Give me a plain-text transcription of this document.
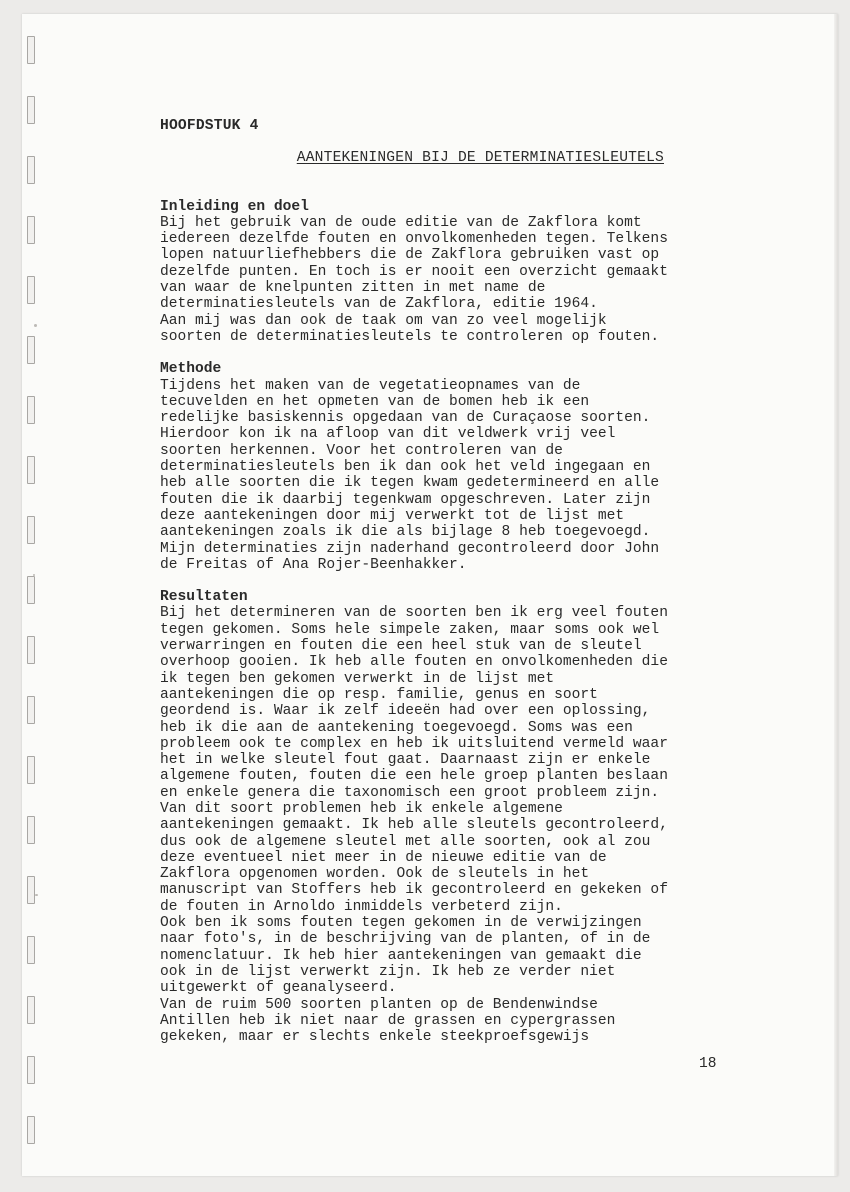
HOOFDSTUK 4

AANTEKENINGEN BIJ DE DETERMINATIESLEUTELS

Inleiding en doel

Bij het gebruik van de oude editie van de Zakflora komt

iedereen dezelfde fouten en onvolkomenheden tegen. Telkens

lopen natuurliefhebbers die de Zakflora gebruiken vast op

dezelfde punten. En toch is er nooit een overzicht gemaakt

van waar de knelpunten zitten in met name de

determinatiesleutels van de Zakflora, editie 1964.

Aan mij was dan ook de taak om van zo veel mogelijk

soorten de determinatiesleutels te controleren op fouten.

Methode

Tijdens het maken van de vegetatieopnames van de

tecuvelden en het opmeten van de bomen heb ik een

redelijke basiskennis opgedaan van de Curaçaose soorten.

Hierdoor kon ik na afloop van dit veldwerk vrij veel

soorten herkennen. Voor het controleren van de

determinatiesleutels ben ik dan ook het veld ingegaan en

heb alle soorten die ik tegen kwam gedetermineerd en alle

fouten die ik daarbij tegenkwam opgeschreven. Later zijn

deze aantekeningen door mij verwerkt tot de lijst met

aantekeningen zoals ik die als bijlage 8 heb toegevoegd.

Mijn determinaties zijn naderhand gecontroleerd door John

de Freitas of Ana Rojer-Beenhakker.

Resultaten

Bij het determineren van de soorten ben ik erg veel fouten

tegen gekomen. Soms hele simpele zaken, maar soms ook wel

verwarringen en fouten die een heel stuk van de sleutel

overhoop gooien. Ik heb alle fouten en onvolkomenheden die

ik tegen ben gekomen verwerkt in de lijst met

aantekeningen die op resp. familie, genus en soort

geordend is. Waar ik zelf ideeën had over een oplossing,

heb ik die aan de aantekening toegevoegd. Soms was een

probleem ook te complex en heb ik uitsluitend vermeld waar

het in welke sleutel fout gaat. Daarnaast zijn er enkele

algemene fouten, fouten die een hele groep planten beslaan

en enkele genera die taxonomisch een groot probleem zijn.

Van dit soort problemen heb ik enkele algemene

aantekeningen gemaakt. Ik heb alle sleutels gecontroleerd,

dus ook de algemene sleutel met alle soorten, ook al zou

deze eventueel niet meer in de nieuwe editie van de

Zakflora opgenomen worden. Ook de sleutels in het

manuscript van Stoffers heb ik gecontroleerd en gekeken of

de fouten in Arnoldo inmiddels verbeterd zijn.

Ook ben ik soms fouten tegen gekomen in de verwijzingen

naar foto's, in de beschrijving van de planten, of in de

nomenclatuur. Ik heb hier aantekeningen van gemaakt die

ook in de lijst verwerkt zijn. Ik heb ze verder niet

uitgewerkt of geanalyseerd.

Van de ruim 500 soorten planten op de Bendenwindse

Antillen heb ik niet naar de grassen en cypergrassen

gekeken, maar er slechts enkele steekproefsgewijs

18
